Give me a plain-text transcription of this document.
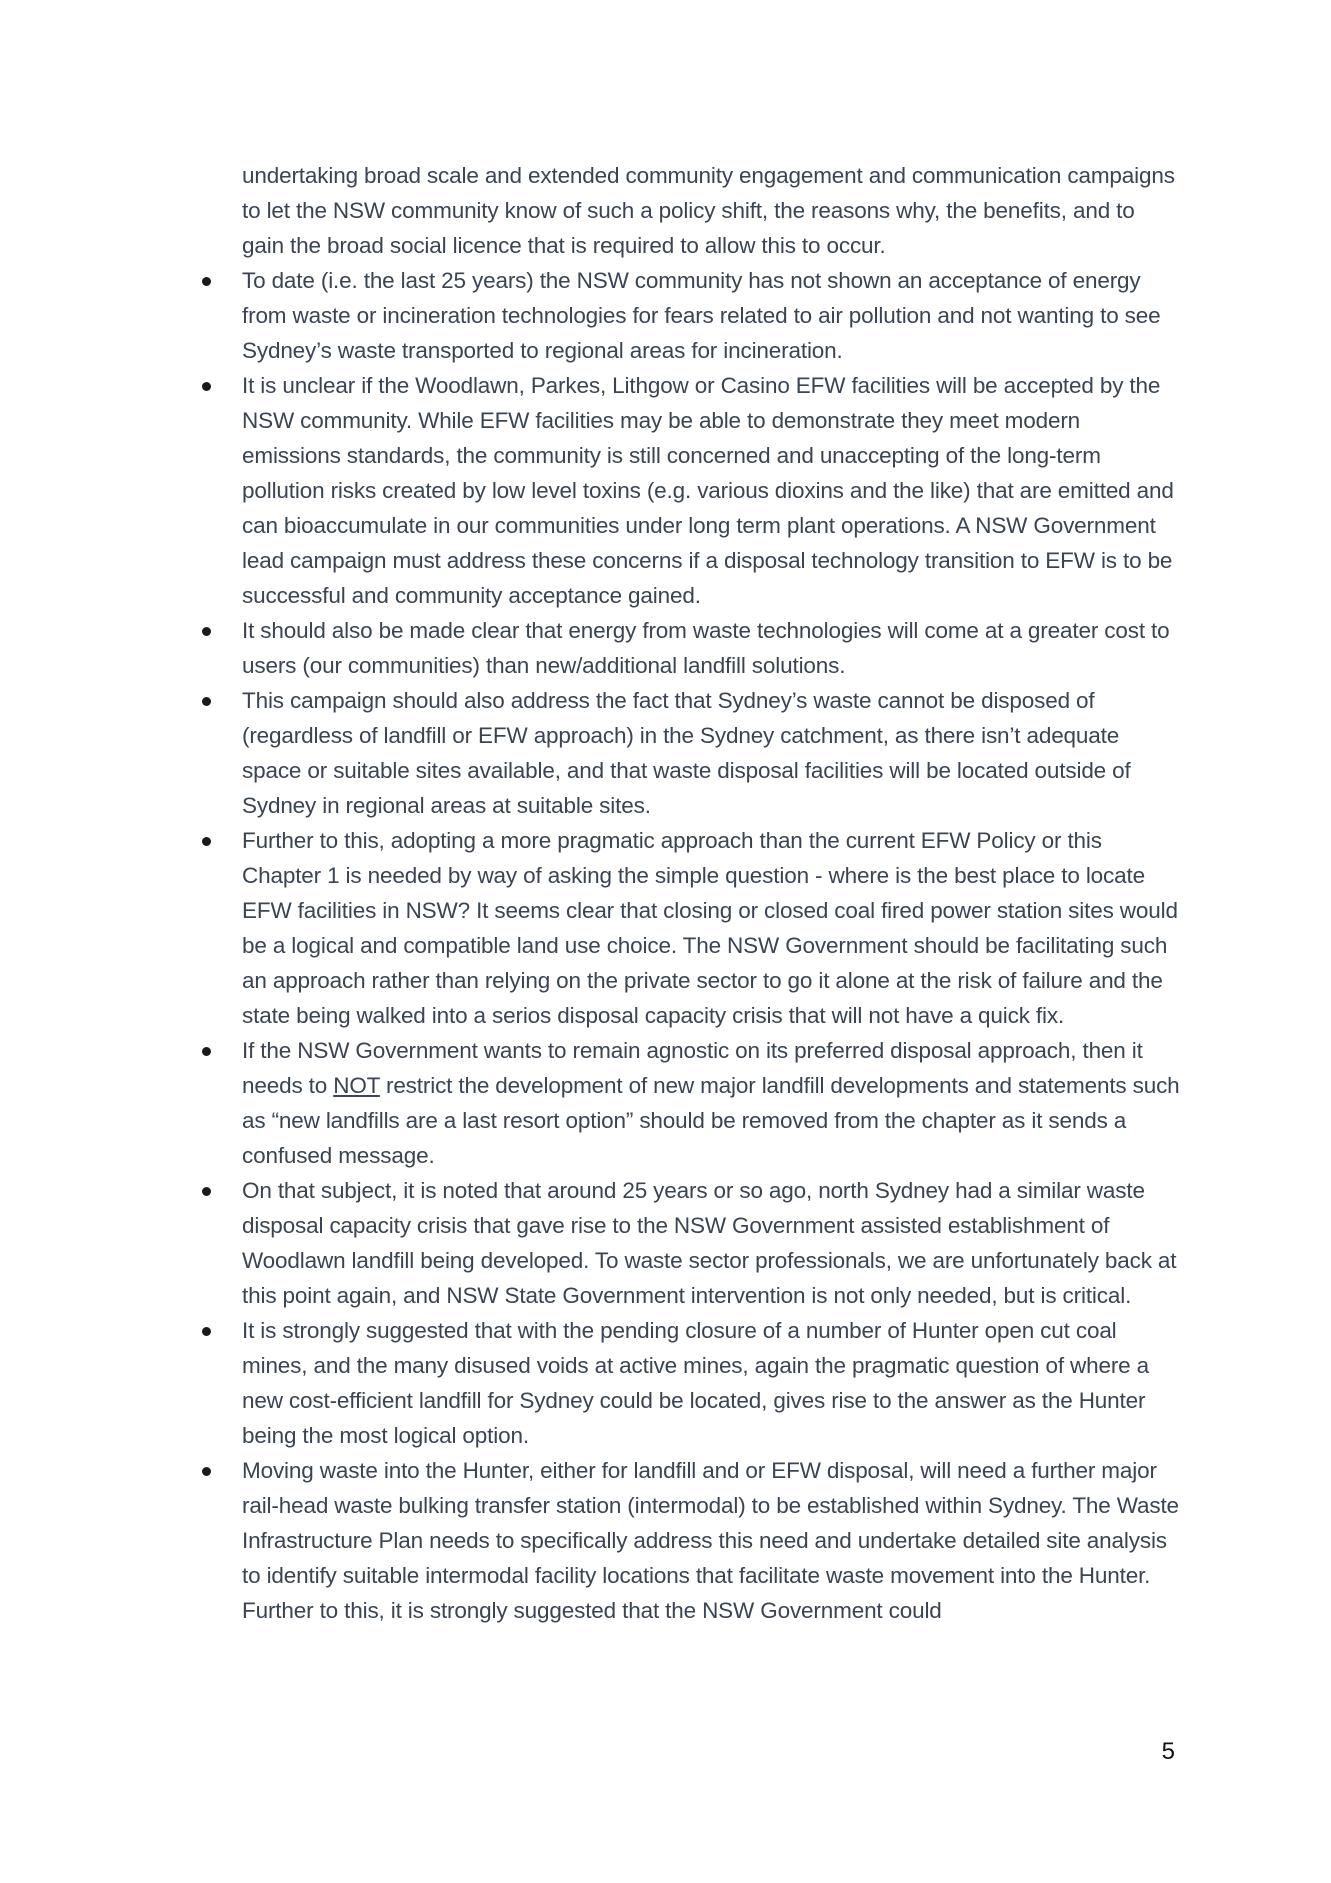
undertaking broad scale and extended community engagement and communication campaigns to let the NSW community know of such a policy shift, the reasons why, the benefits, and to gain the broad social licence that is required to allow this to occur.

To date (i.e. the last 25 years) the NSW community has not shown an acceptance of energy from waste or incineration technologies for fears related to air pollution and not wanting to see Sydney’s waste transported to regional areas for incineration.
It is unclear if the Woodlawn, Parkes, Lithgow or Casino EFW facilities will be accepted by the NSW community. While EFW facilities may be able to demonstrate they meet modern emissions standards, the community is still concerned and unaccepting of the long-term pollution risks created by low level toxins (e.g. various dioxins and the like) that are emitted and can bioaccumulate in our communities under long term plant operations. A NSW Government lead campaign must address these concerns if a disposal technology transition to EFW is to be successful and community acceptance gained.
It should also be made clear that energy from waste technologies will come at a greater cost to users (our communities) than new/additional landfill solutions.
This campaign should also address the fact that Sydney’s waste cannot be disposed of (regardless of landfill or EFW approach) in the Sydney catchment, as there isn’t adequate space or suitable sites available, and that waste disposal facilities will be located outside of Sydney in regional areas at suitable sites.
Further to this, adopting a more pragmatic approach than the current EFW Policy or this Chapter 1 is needed by way of asking the simple question - where is the best place to locate EFW facilities in NSW? It seems clear that closing or closed coal fired power station sites would be a logical and compatible land use choice. The NSW Government should be facilitating such an approach rather than relying on the private sector to go it alone at the risk of failure and the state being walked into a serios disposal capacity crisis that will not have a quick fix.
If the NSW Government wants to remain agnostic on its preferred disposal approach, then it needs to NOT restrict the development of new major landfill developments and statements such as “new landfills are a last resort option” should be removed from the chapter as it sends a confused message.
On that subject, it is noted that around 25 years or so ago, north Sydney had a similar waste disposal capacity crisis that gave rise to the NSW Government assisted establishment of Woodlawn landfill being developed. To waste sector professionals, we are unfortunately back at this point again, and NSW State Government intervention is not only needed, but is critical.
It is strongly suggested that with the pending closure of a number of Hunter open cut coal mines, and the many disused voids at active mines, again the pragmatic question of where a new cost-efficient landfill for Sydney could be located, gives rise to the answer as the Hunter being the most logical option.
Moving waste into the Hunter, either for landfill and or EFW disposal, will need a further major rail-head waste bulking transfer station (intermodal) to be established within Sydney. The Waste Infrastructure Plan needs to specifically address this need and undertake detailed site analysis to identify suitable intermodal facility locations that facilitate waste movement into the Hunter. Further to this, it is strongly suggested that the NSW Government could
5
